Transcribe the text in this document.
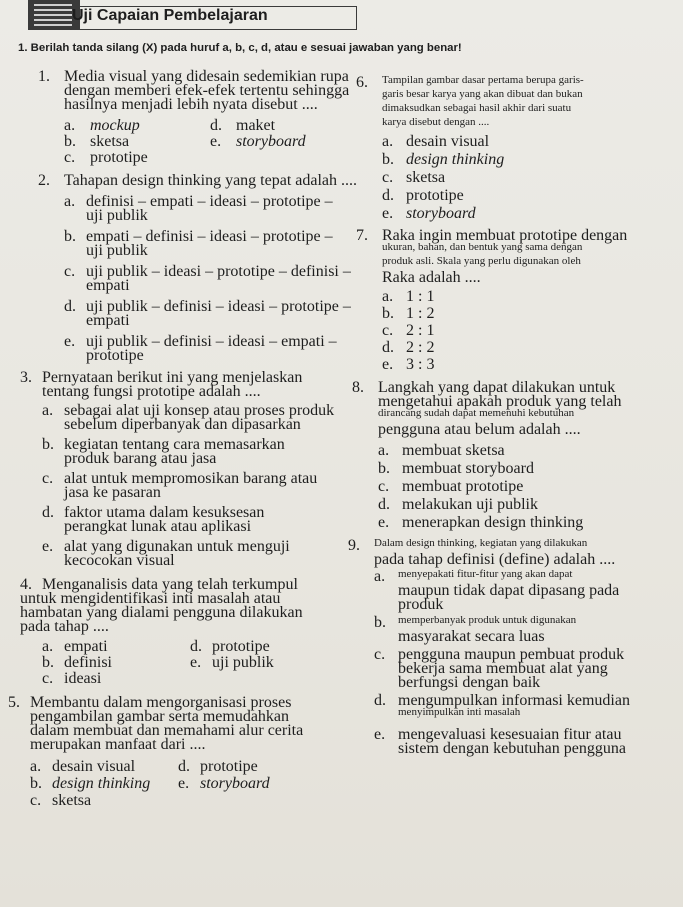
Uji Capaian Pembelajaran
1. Berilah tanda silang (X) pada huruf a, b, c, d, atau e sesuai jawaban yang benar!
1. Media visual yang didesain sedemikian rupa
dengan memberi efek-efek tertentu sehingga
hasilnya menjadi lebih nyata disebut ....
a. mockup
b. sketsa
c. prototipe
d. maket
e. storyboard
2. Tahapan design thinking yang tepat adalah ....
a. definisi – empati – ideasi – prototipe –
uji publik
b. empati – definisi – ideasi – prototipe –
uji publik
c. uji publik – ideasi – prototipe – definisi –
empati
d. uji publik – definisi – ideasi – prototipe –
empati
e. uji publik – definisi – ideasi – empati –
prototipe
3. Pernyataan berikut ini yang menjelaskan
tentang fungsi prototipe adalah ....
a. sebagai alat uji konsep atau proses produk
sebelum diperbanyak dan dipasarkan
b. kegiatan tentang cara memasarkan
produk barang atau jasa
c. alat untuk mempromosikan barang atau
jasa ke pasaran
d. faktor utama dalam kesuksesan
perangkat lunak atau aplikasi
e. alat yang digunakan untuk menguji
kecocokan visual
4. Menganalisis data yang telah terkumpul
untuk mengidentifikasi inti masalah atau
hambatan yang dialami pengguna dilakukan
pada tahap ....
a. empati
b. definisi
c. ideasi
d. prototipe
e. uji publik
5. Membantu dalam mengorganisasi proses
pengambilan gambar serta memudahkan
dalam membuat dan memahami alur cerita
merupakan manfaat dari ....
a. desain visual
b. design thinking
c. sketsa
d. prototipe
e. storyboard
6. Tampilan gambar dasar pertama berupa garis-
garis besar karya yang akan dibuat dan bukan
dimaksudkan sebagai hasil akhir dari suatu
karya disebut dengan ....
a. desain visual
b. design thinking
c. sketsa
d. prototipe
e. storyboard
7. Raka ingin membuat prototipe dengan
ukuran, bahan, dan bentuk yang sama dengan
produk asli. Skala yang perlu digunakan oleh
Raka adalah ....
a. 1 : 1
b. 1 : 2
c. 2 : 1
d. 2 : 2
e. 3 : 3
8. Langkah yang dapat dilakukan untuk
mengetahui apakah produk yang telah
dirancang sudah dapat memenuhi kebutuhan
pengguna atau belum adalah ....
a. membuat sketsa
b. membuat storyboard
c. membuat prototipe
d. melakukan uji publik
e. menerapkan design thinking
9. Dalam design thinking, kegiatan yang dilakukan
pada tahap definisi (define) adalah ....
a. menyepakati fitur-fitur yang akan dapat
maupun tidak dapat dipasang pada
produk
b. memperbanyak produk untuk digunakan
masyarakat secara luas
c. pengguna maupun pembuat produk
bekerja sama membuat alat yang
berfungsi dengan baik
d. mengumpulkan informasi kemudian
menyimpulkan inti masalah
e. mengevaluasi kesesuaian fitur atau
sistem dengan kebutuhan pengguna
